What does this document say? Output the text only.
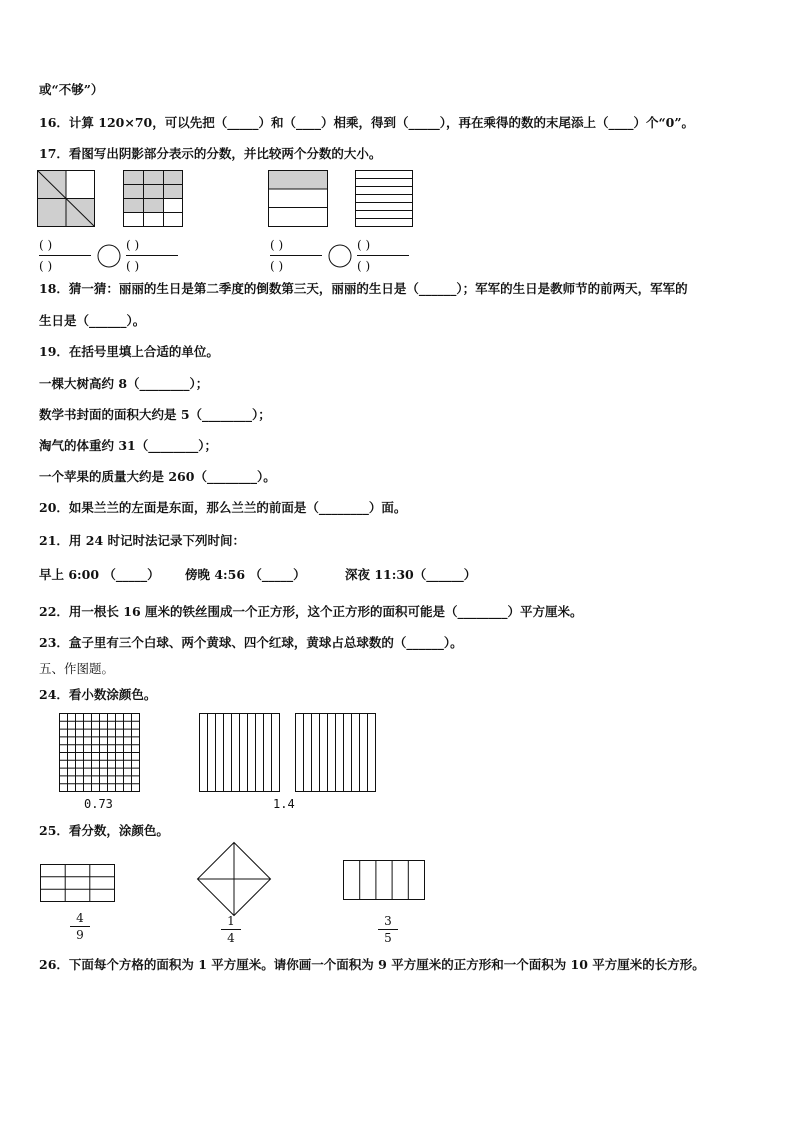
或“不够”）
16．计算 120×70，可以先把（_____）和（____）相乘，得到（_____），再在乘得的数的末尾添上（____）个“0”。
17．看图写出阴影部分表示的分数，并比较两个分数的大小。
( )
( )
( )
( )
( )
( )
( )
( )
18．猜一猜：丽丽的生日是第二季度的倒数第三天，丽丽的生日是（______）；军军的生日是教师节的前两天，军军的
生日是（______）。
19．在括号里填上合适的单位。
一棵大树高约 8（________）；
数学书封面的面积大约是 5（________）；
淘气的体重约 31（________）；
一个苹果的质量大约是 260（________）。
20．如果兰兰的左面是东面，那么兰兰的前面是（________）面。
21．用 24 时记时法记录下列时间：
早上 6:00 （_____） 傍晚 4:56 （_____）	深夜 11:30（______）
22．用一根长 16 厘米的铁丝围成一个正方形，这个正方形的面积可能是（________）平方厘米。
23．盒子里有三个白球、两个黄球、四个红球，黄球占总球数的（______）。
五、作图题。
24．看小数涂颜色。
0.73	1.4
25．看分数，涂颜色。
$\frac{4}{9}$	$\frac{1}{4}$	$\frac{3}{5}$
26．下面每个方格的面积为 1 平方厘米。请你画一个面积为 9 平方厘米的正方形和一个面积为 10 平方厘米的长方形。
